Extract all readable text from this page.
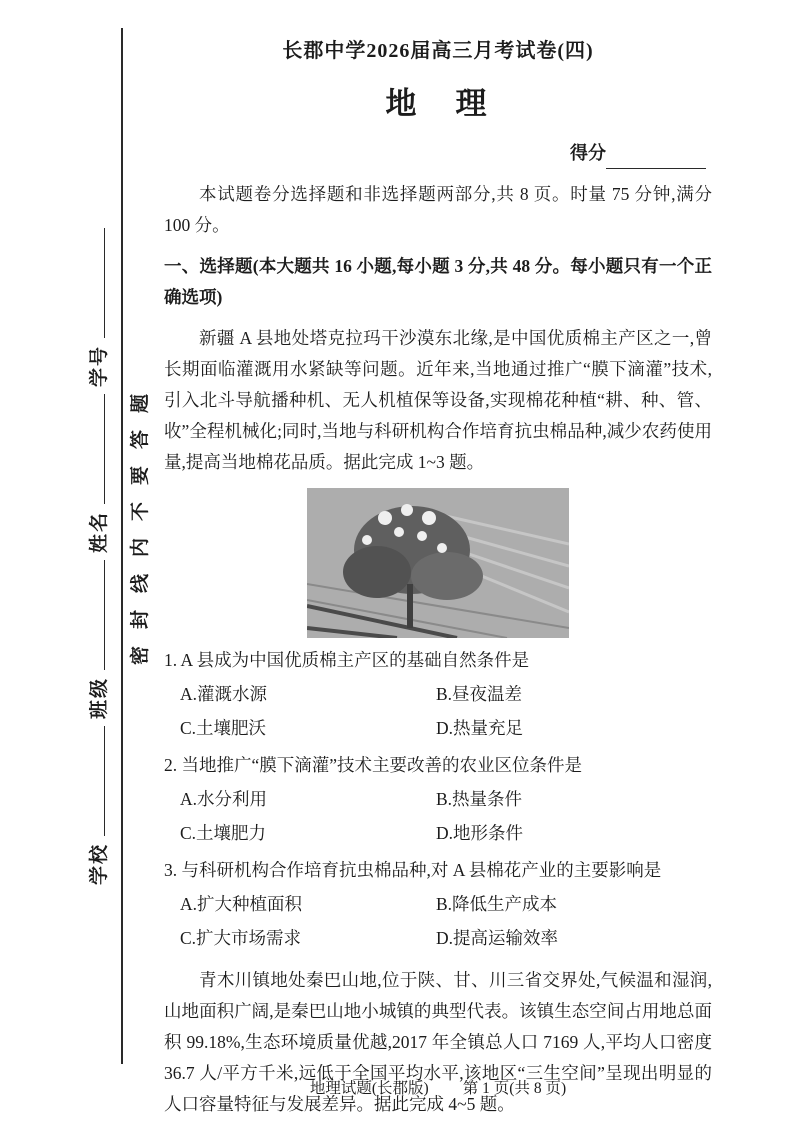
学校班级姓名学号
密封线内不要答题
长郡中学2026届高三月考试卷(四)
地　理
得分

本试题卷分选择题和非选择题两部分,共 8 页。时量 75 分钟,满分 100 分。

一、选择题(本大题共 16 小题,每小题 3 分,共 48 分。每小题只有一个正确选项)

新疆 A 县地处塔克拉玛干沙漠东北缘,是中国优质棉主产区之一,曾长期面临灌溉用水紧缺等问题。近年来,当地通过推广“膜下滴灌”技术,引入北斗导航播种机、无人机植保等设备,实现棉花种植“耕、种、管、收”全程机械化;同时,当地与科研机构合作培育抗虫棉品种,减少农药使用量,提高当地棉花品质。据此完成 1~3 题。

1. A 县成为中国优质棉主产区的基础自然条件是

A.灌溉水源	B.昼夜温差
C.土壤肥沃	D.热量充足

2. 当地推广“膜下滴灌”技术主要改善的农业区位条件是

A.水分利用	B.热量条件
C.土壤肥力	D.地形条件

3. 与科研机构合作培育抗虫棉品种,对 A 县棉花产业的主要影响是

A.扩大种植面积	B.降低生产成本
C.扩大市场需求	D.提高运输效率

青木川镇地处秦巴山地,位于陕、甘、川三省交界处,气候温和湿润,山地面积广阔,是秦巴山地小城镇的典型代表。该镇生态空间占用地总面积 99.18%,生态环境质量优越,2017 年全镇总人口 7169 人,平均人口密度 36.7 人/平方千米,远低于全国平均水平,该地区“三生空间”呈现出明显的人口容量特征与发展差异。据此完成 4~5 题。

地理试题(长郡版) 第 1 页(共 8 页)
